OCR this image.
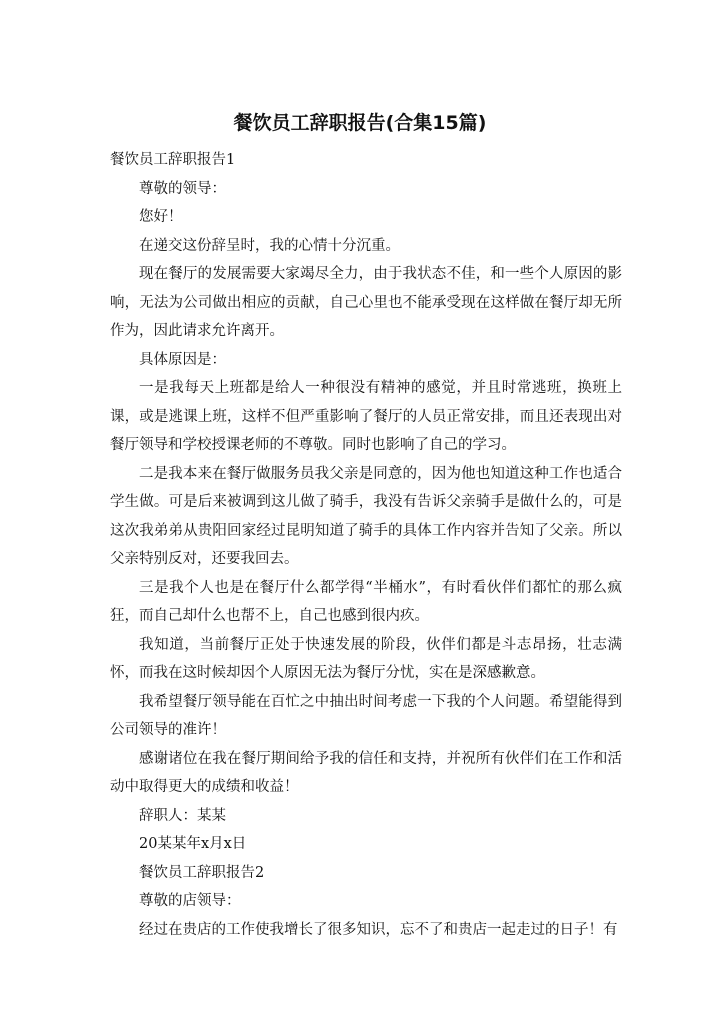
餐饮员工辞职报告(合集15篇)

餐饮员工辞职报告1

尊敬的领导：

您好！

在递交这份辞呈时，我的心情十分沉重。

现在餐厅的发展需要大家竭尽全力，由于我状态不佳，和一些个人原因的影响，无法为公司做出相应的贡献，自己心里也不能承受现在这样做在餐厅却无所作为，因此请求允许离开。

具体原因是：

一是我每天上班都是给人一种很没有精神的感觉，并且时常逃班，换班上课，或是逃课上班，这样不但严重影响了餐厅的人员正常安排，而且还表现出对餐厅领导和学校授课老师的不尊敬。同时也影响了自己的学习。

二是我本来在餐厅做服务员我父亲是同意的，因为他也知道这种工作也适合学生做。可是后来被调到这儿做了骑手，我没有告诉父亲骑手是做什么的，可是这次我弟弟从贵阳回家经过昆明知道了骑手的具体工作内容并告知了父亲。所以父亲特别反对，还要我回去。

三是我个人也是在餐厅什么都学得“半桶水”，有时看伙伴们都忙的那么疯狂，而自己却什么也帮不上，自己也感到很内疚。

我知道，当前餐厅正处于快速发展的阶段，伙伴们都是斗志昂扬，壮志满怀，而我在这时候却因个人原因无法为餐厅分忧，实在是深感歉意。

我希望餐厅领导能在百忙之中抽出时间考虑一下我的个人问题。希望能得到公司领导的准许！

感谢诸位在我在餐厅期间给予我的信任和支持，并祝所有伙伴们在工作和活动中取得更大的成绩和收益！

辞职人：某某

20某某年x月x日

餐饮员工辞职报告2

尊敬的店领导：

经过在贵店的工作使我增长了很多知识，忘不了和贵店一起走过的日子！有
